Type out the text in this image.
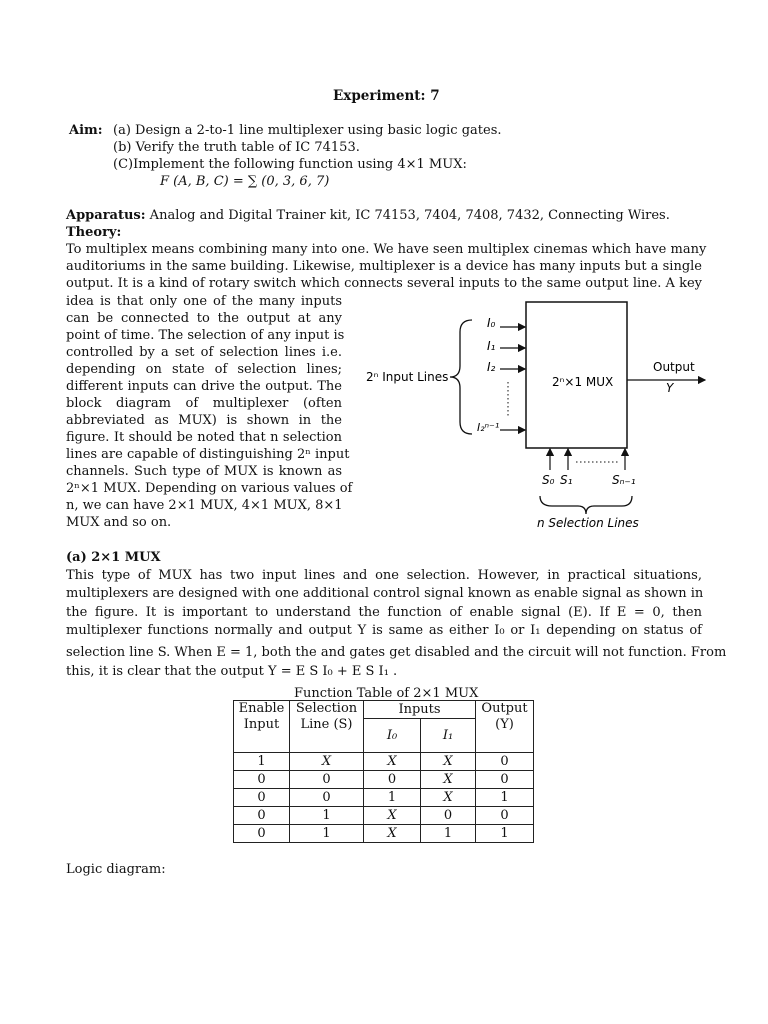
Experiment: 7
Aim: (a) Design a 2-to-1 line multiplexer using basic logic gates.
(b) Verify the truth table of IC 74153.
(C)Implement the following function using 4×1 MUX:
F (A, B, C) = ∑ (0, 3, 6, 7)
Apparatus: Analog and Digital Trainer kit, IC 74153, 7404, 7408, 7432, Connecting Wires.
Theory:
To multiplex means combining many into one. We have seen multiplex cinemas which have many
auditoriums in the same building. Likewise, multiplexer is a device has many inputs but a single
output. It is a kind of rotary switch which connects several inputs to the same output line. A key
idea is that only one of the many inputs
can be connected to the output at any
point of time. The selection of any input is
controlled by a set of selection lines i.e.
depending on state of selection lines;
different inputs can drive the output. The
block diagram of multiplexer (often
abbreviated as MUX) is shown in the
figure. It should be noted that n selection
lines are capable of distinguishing 2ⁿ input
channels. Such type of MUX is known as
2ⁿ×1 MUX. Depending on various values of
n, we can have 2×1 MUX, 4×1 MUX, 8×1
MUX and so on.
2ⁿ×1 MUX
I₀
I₁
I₂
I₂ⁿ⁻¹
2ⁿ Input Lines
Output
Y
S₀ S₁	Sₙ₋₁
n Selection Lines
(a) 2×1 MUX
This type of MUX has two input lines and one selection. However, in practical situations,
multiplexers are designed with one additional control signal known as enable signal as shown in
the figure. It is important to understand the function of enable signal (E). If E = 0, then
multiplexer functions normally and output Y is same as either I₀ or I₁ depending on status of
selection line S. When E = 1, both the and gates get disabled and the circuit will not function. From
this, it is clear that the output Y = E S I₀ + E S I₁ .
Function Table of 2×1 MUX
Enable Input	Selection Line (S)	Inputs		Output (Y)
		I₀	I₁	
1	X	X	X	0
0	0	0	X	0
0	0	1	X	1
0	1	X	0	0
0	1	X	1	1
Logic diagram:
